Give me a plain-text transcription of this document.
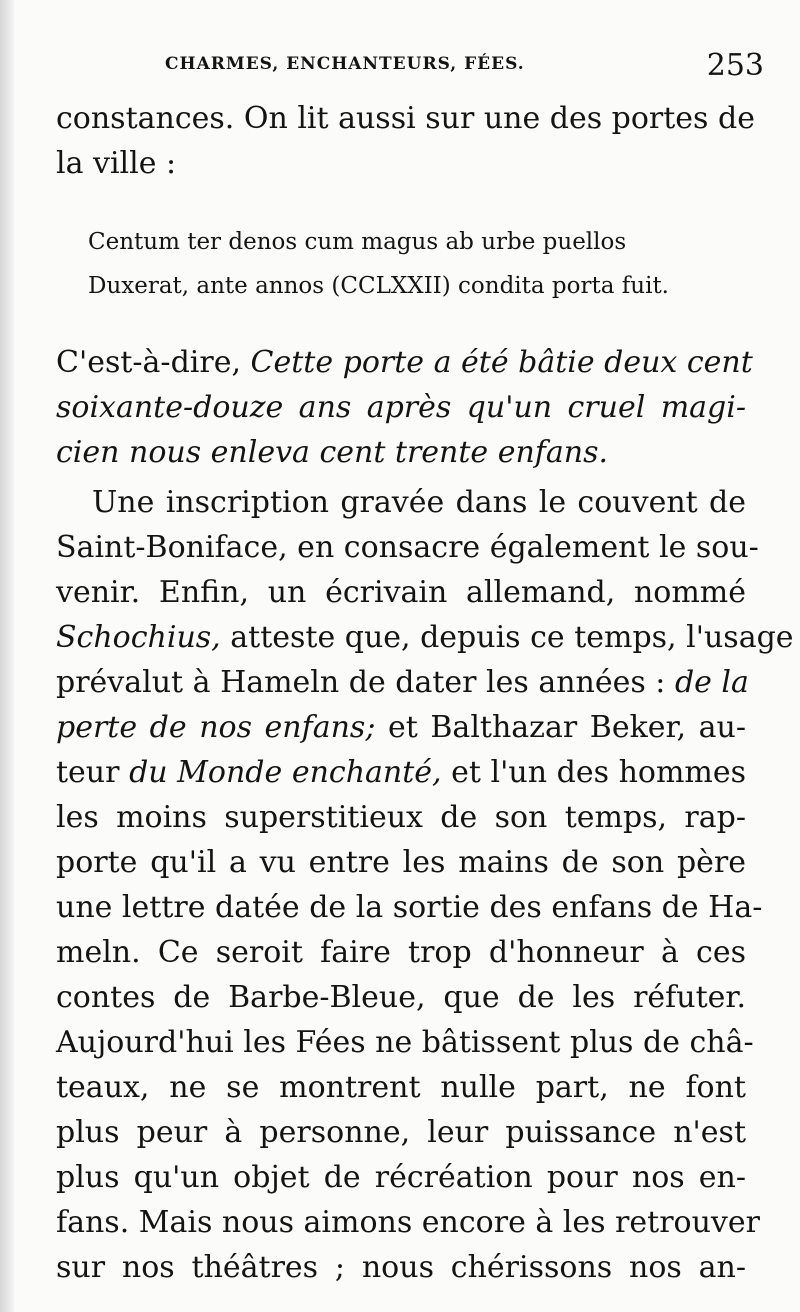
CHARMES, ENCHANTEURS, FÉES.	253
constances. On lit aussi sur une des portes de
la ville :
Centum ter denos cum magus ab urbe puellos
Duxerat, ante annos (CCLXXII) condita porta fuit.
C'est-à-dire, Cette porte a été bâtie deux cent
soixante-douze ans après qu'un cruel magi-
cien nous enleva cent trente enfans.
Une inscription gravée dans le couvent de
Saint-Boniface, en consacre également le sou-
venir. Enfin, un écrivain allemand, nommé
Schochius, atteste que, depuis ce temps, l'usage
prévalut à Hameln de dater les années : de la
perte de nos enfans; et Balthazar Beker, au-
teur du Monde enchanté, et l'un des hommes
les moins superstitieux de son temps, rap-
porte qu'il a vu entre les mains de son père
une lettre datée de la sortie des enfans de Ha-
meln. Ce seroit faire trop d'honneur à ces
contes de Barbe-Bleue, que de les réfuter.
Aujourd'hui les Fées ne bâtissent plus de châ-
teaux, ne se montrent nulle part, ne font
plus peur à personne, leur puissance n'est
plus qu'un objet de récréation pour nos en-
fans. Mais nous aimons encore à les retrouver
sur nos théâtres ; nous chérissons nos an-
